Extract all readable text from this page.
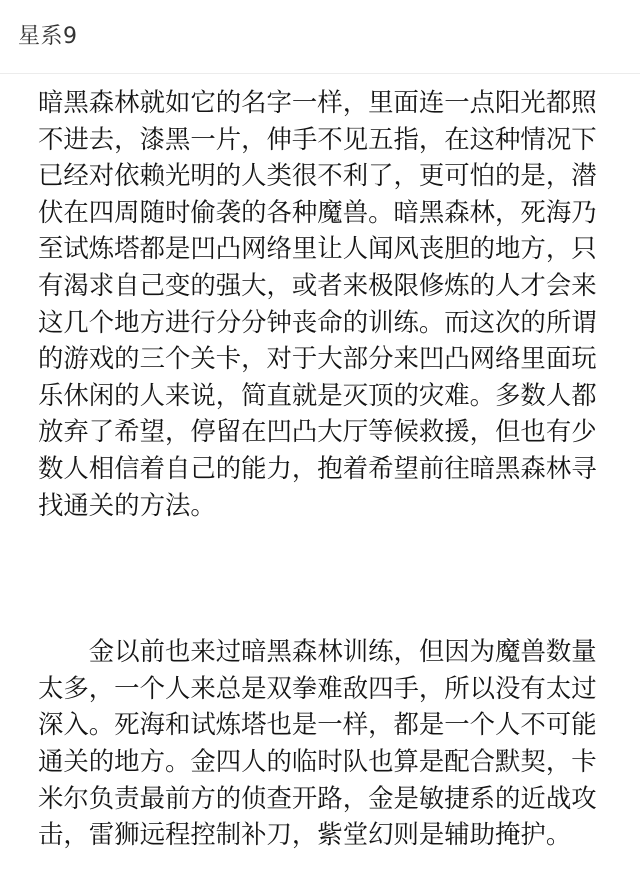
星系9

暗黑森林就如它的名字一样，里面连一点阳光都照不进去，漆黑一片，伸手不见五指，在这种情况下已经对依赖光明的人类很不利了，更可怕的是，潜伏在四周随时偷袭的各种魔兽。暗黑森林，死海乃至试炼塔都是凹凸网络里让人闻风丧胆的地方，只有渴求自己变的强大，或者来极限修炼的人才会来这几个地方进行分分钟丧命的训练。而这次的所谓的游戏的三个关卡，对于大部分来凹凸网络里面玩乐休闲的人来说，简直就是灭顶的灾难。多数人都放弃了希望，停留在凹凸大厅等候救援，但也有少数人相信着自己的能力，抱着希望前往暗黑森林寻找通关的方法。

金以前也来过暗黑森林训练，但因为魔兽数量太多，一个人来总是双拳难敌四手，所以没有太过深入。死海和试炼塔也是一样，都是一个人不可能通关的地方。金四人的临时队也算是配合默契，卡米尔负责最前方的侦查开路，金是敏捷系的近战攻击，雷狮远程控制补刀，紫堂幻则是辅助掩护。
